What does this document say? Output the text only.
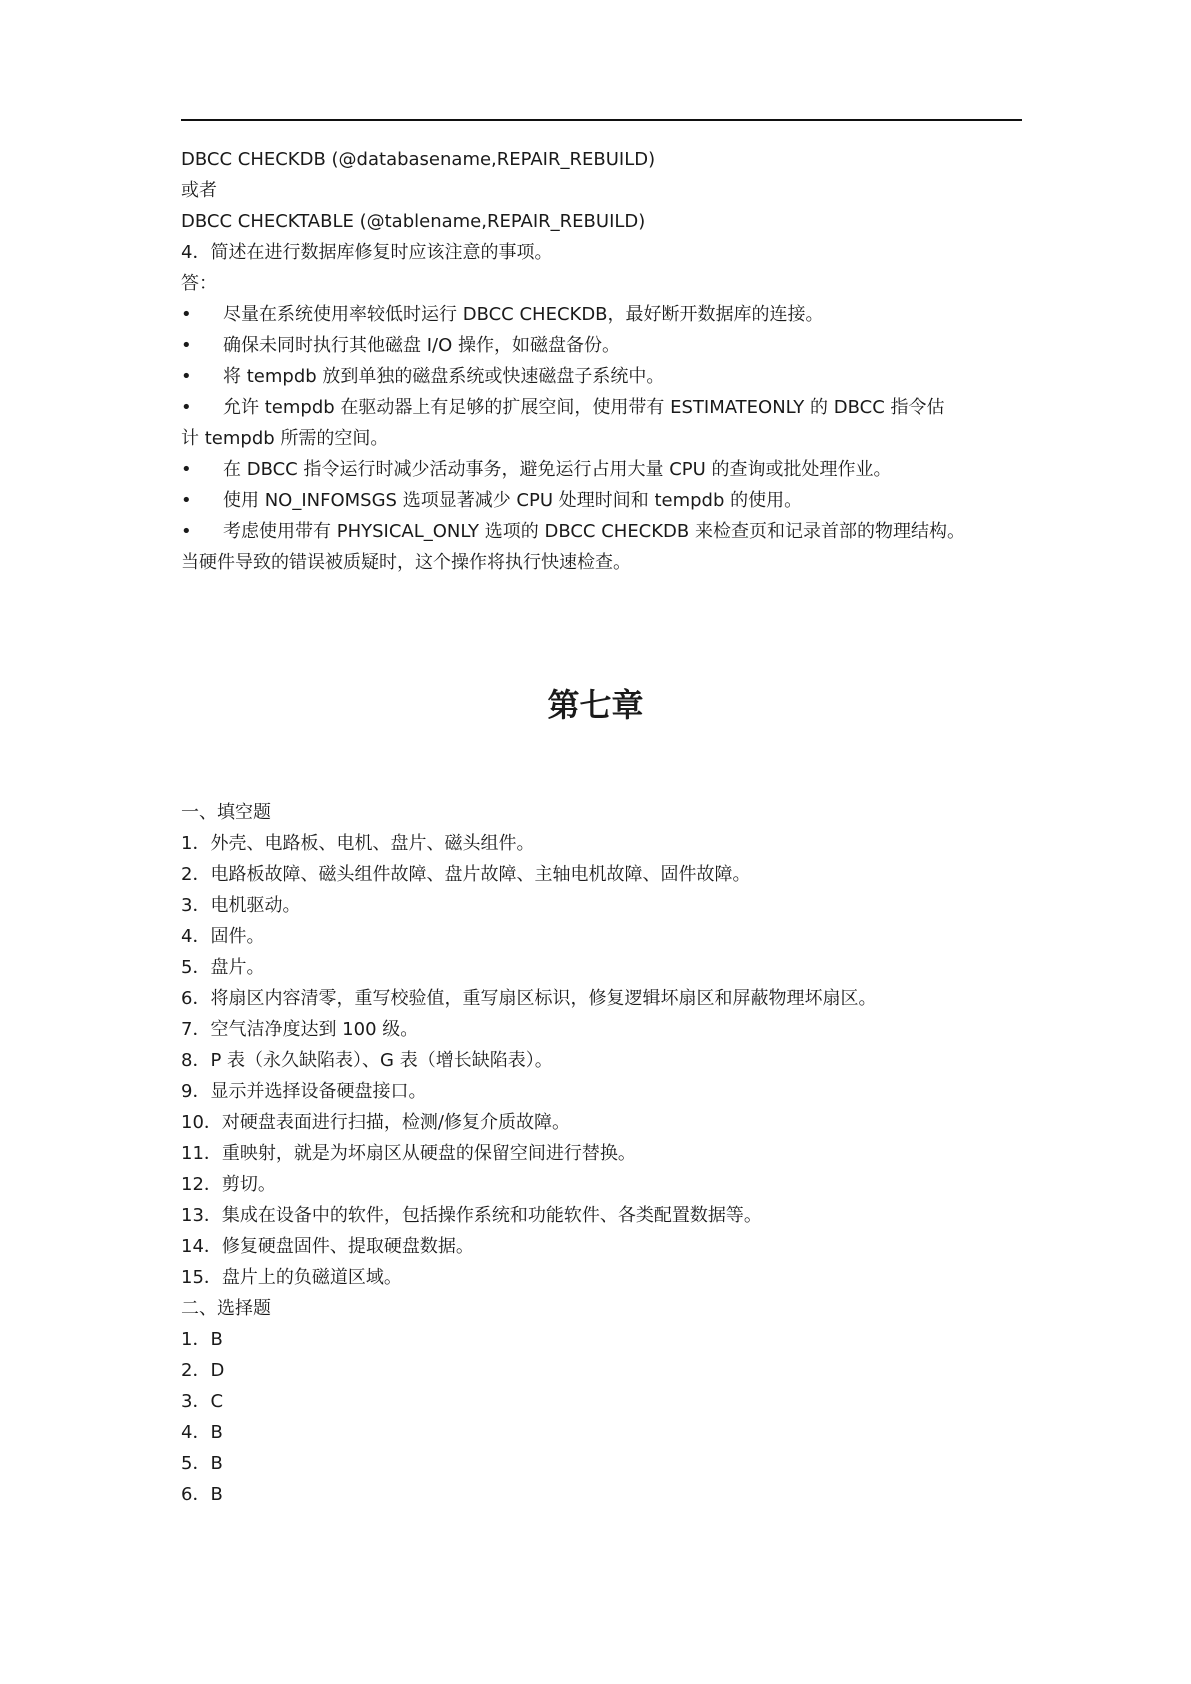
DBCC CHECKDB (@databasename,REPAIR_REBUILD)
或者
DBCC CHECKTABLE (@tablename,REPAIR_REBUILD)
4．简述在进行数据库修复时应该注意的事项。
答：
• 尽量在系统使用率较低时运行 DBCC CHECKDB，最好断开数据库的连接。
• 确保未同时执行其他磁盘 I/O 操作，如磁盘备份。
• 将 tempdb 放到单独的磁盘系统或快速磁盘子系统中。
• 允许 tempdb 在驱动器上有足够的扩展空间，使用带有 ESTIMATEONLY 的 DBCC 指令估
计 tempdb 所需的空间。
• 在 DBCC 指令运行时减少活动事务，避免运行占用大量 CPU 的查询或批处理作业。
• 使用 NO_INFOMSGS 选项显著减少 CPU 处理时间和 tempdb 的使用。
• 考虑使用带有 PHYSICAL_ONLY 选项的 DBCC CHECKDB 来检查页和记录首部的物理结构。
当硬件导致的错误被质疑时，这个操作将执行快速检查。
第七章
一、填空题
1．外壳、电路板、电机、盘片、磁头组件。
2．电路板故障、磁头组件故障、盘片故障、主轴电机故障、固件故障。
3．电机驱动。
4．固件。
5．盘片。
6．将扇区内容清零，重写校验值，重写扇区标识，修复逻辑坏扇区和屏蔽物理坏扇区。
7．空气洁净度达到 100 级。
8．P 表（永久缺陷表）、G 表（增长缺陷表）。
9．显示并选择设备硬盘接口。
10．对硬盘表面进行扫描，检测/修复介质故障。
11．重映射，就是为坏扇区从硬盘的保留空间进行替换。
12．剪切。
13．集成在设备中的软件，包括操作系统和功能软件、各类配置数据等。
14．修复硬盘固件、提取硬盘数据。
15．盘片上的负磁道区域。
二、选择题
1．B
2．D
3．C
4．B
5．B
6．B
